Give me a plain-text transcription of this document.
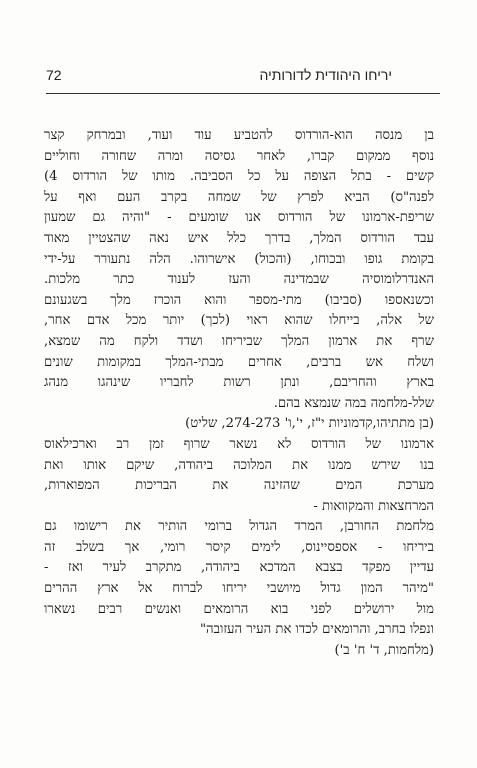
72	יריחו היהודית לדורותיה
בן מנסה הוא-הורדוס להטביע עוד ועוד, ובמרחק קצר
נוסף ממקום קברו, לאחר גסיסה ומרה שחורה וחוליים
קשים - בתל הצופה על כל הסביבה. מותו של הורדוס 4)
לפנה"ס) הביא לפרץ של שמחה בקרב העם ואף על
שריפת-ארמונו של הורדוס אנו שומעים - "והיה גם שמעון
עבד הורדוס המלך, בדרך כלל איש נאה שהצטיין מאוד
בקומת גופו ובכוחו, (והכול) אישרוהו. הלה נתעורר על-ידי
האנדרלומוסיה שבמדינה והעז לענוד כתר מלכות.
וכשנאספו (סביבו) מתי-מספר והוא הוכרז מלך בשגעונם
של אלה, בייחלו שהוא ראוי (לכך) יותר מכל אדם אחר,
שרף את ארמון המלך שביריחו ושדד ולקח מה שמצא,
ושלח אש ברבים, אחרים מבתי-המלך במקומות שונים
בארץ והחריבם, ונתן רשות לחבריו שינהגו מנהג
שלל-מלחמה במה שנמצא בהם.
(בן מתתיהו,קדמוניות י"ז, י',ו' 274-273, שליט)
ארמונו של הורדוס לא נשאר שרוף זמן רב וארכילאוס
בנו שירש ממנו את המלוכה ביהודה, שיקם אותו ואת
מערכת המים שהזינה את הבריכות המפוארות,
המרחצאות והמקוואות -
מלחמת החורבן, המרד הגדול ברומי הותיר את רישומו גם
ביריחו - אספסיינוס, לימים קיסר רומי, אך בשלב זה
עדיין מפקד בצבא המדכא ביהודה, מתקרב לעיר ואז -
"מיהר המון גדול מיושבי יריחו לברוח אל ארץ ההרים
מול ירושלים לפני בוא הרומאים ואנשים רבים נשארו
ונפלו בחרב, והרומאים לכדו את העיר העזובה"
(מלחמות, ד' ח' ב')
